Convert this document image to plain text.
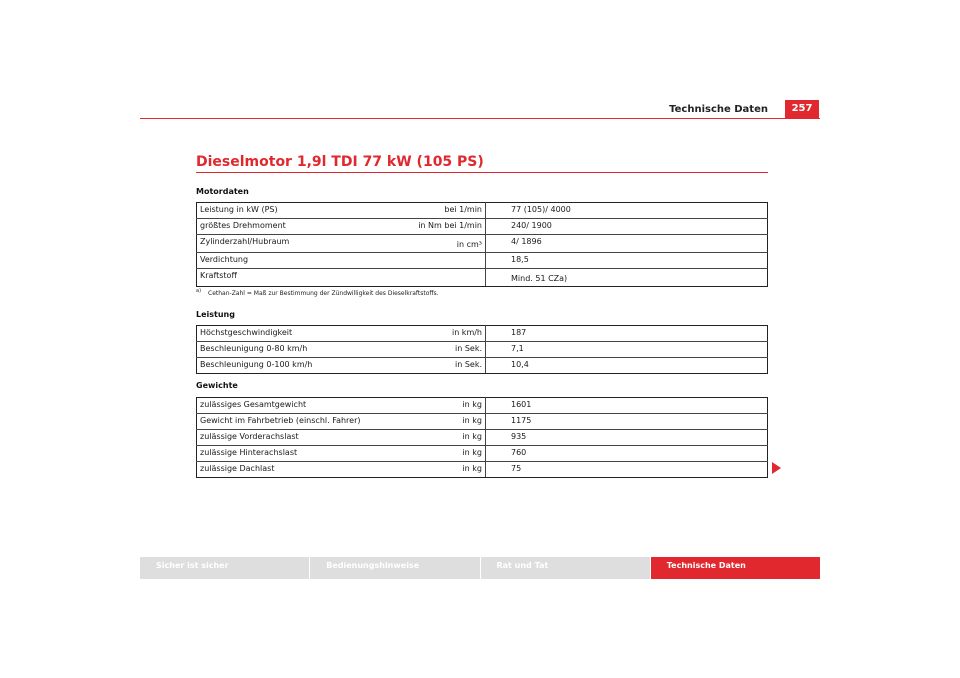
Technische Daten	257
Dieselmotor 1,9l TDI 77 kW (105 PS)
Motordaten
Leistung in kW (PS)	bei 1/min	77 (105)/ 4000
größtes Drehmoment	in Nm bei 1/min	240/ 1900
Zylinderzahl/Hubraum	in cm³	4/ 1896
Verdichtung		18,5
Kraftstoff		Mind. 51 CZa)
$^{a)}$ Cethan-Zahl = Maß zur Bestimmung der Zündwilligkeit des Dieselkraftstoffs.
Leistung
Höchstgeschwindigkeit	in km/h	187
Beschleunigung 0-80 km/h	in Sek.	7,1
Beschleunigung 0-100 km/h	in Sek.	10,4
Gewichte
zulässiges Gesamtgewicht	in kg	1601
Gewicht im Fahrbetrieb (einschl. Fahrer)	in kg	1175
zulässige Vorderachslast	in kg	935
zulässige Hinterachslast	in kg	760
zulässige Dachlast	in kg	75
Sicher ist sicher	Bedienungshinweise	Rat und Tat	Technische Daten
